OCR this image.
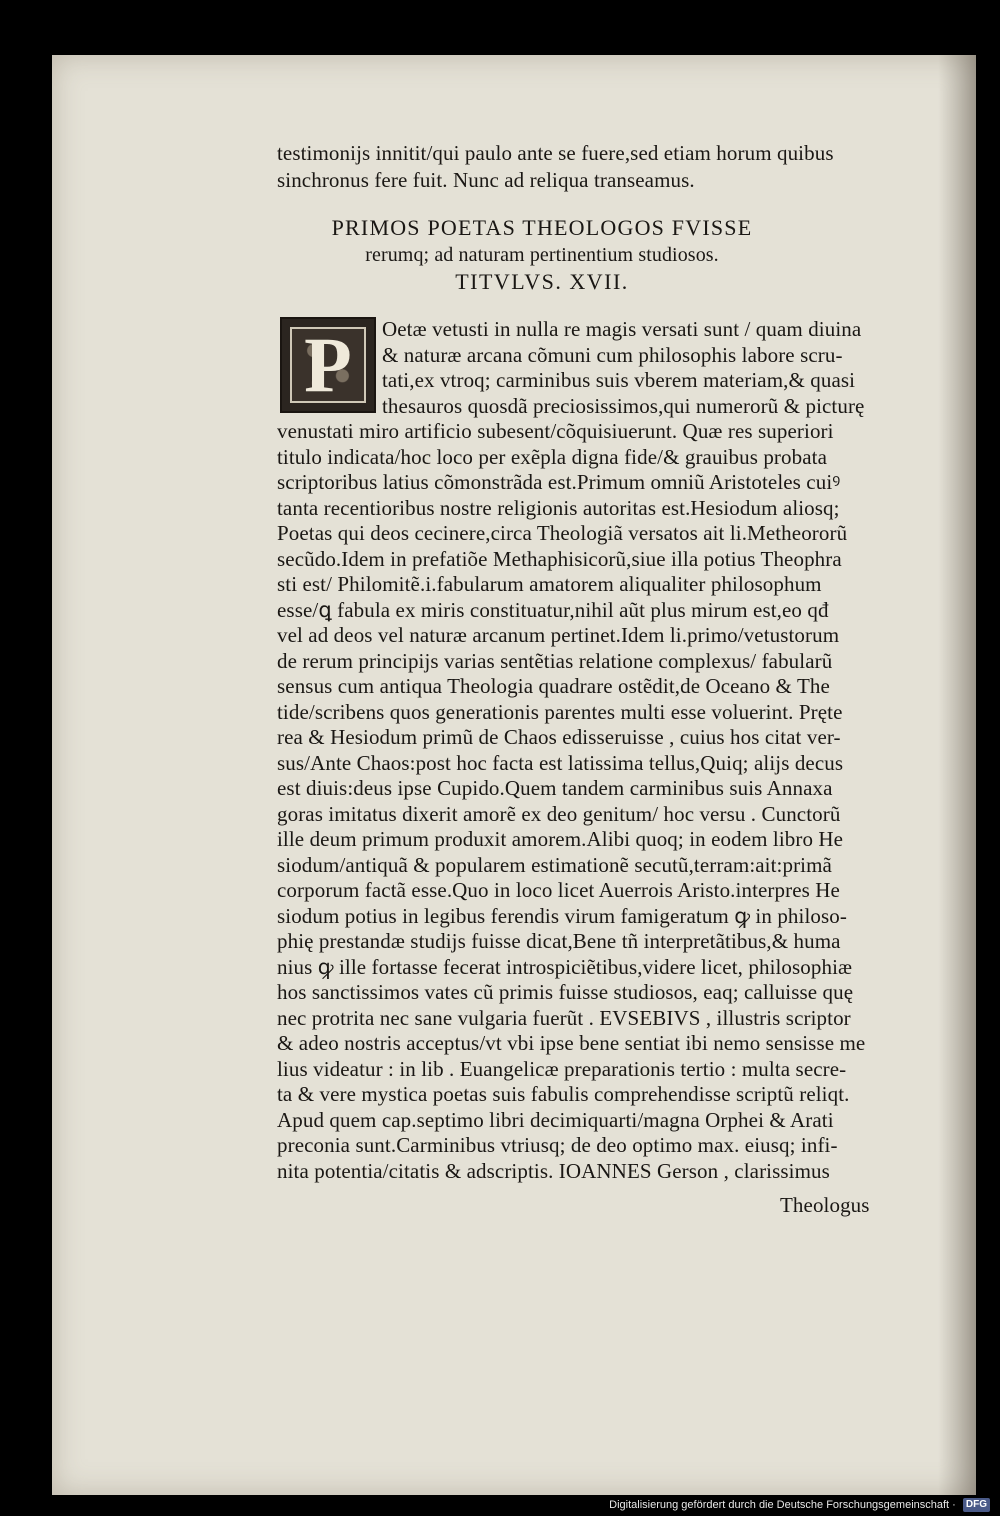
testimonijs innitit/qui paulo ante se fuere,sed etiam horum quibus
sinchronus fere fuit. Nunc ad reliqua transeamus.
PRIMOS POETAS THEOLOGOS FVISSE
rerumq; ad naturam pertinentium studiosos.
TITVLVS. XVII.
P	Oetæ vetusti in nulla re magis versati sunt / quam diuina
& naturæ arcana cõmuni cum philosophis labore scru-
tati,ex vtroq; carminibus suis vberem materiam,& quasi
thesauros quosdã preciosissimos,qui numerorũ & picturę
venustati miro artificio subesent/cõquisiuerunt. Quæ res superiori
titulo indicata/hoc loco per exẽpla digna fide/& grauibus probata
scriptoribus latius cõmonstrãda est.Primum omniũ Aristoteles cuiꝰ
tanta recentioribus nostre religionis autoritas est.Hesiodum aliosq;
Poetas qui deos cecinere,circa Theologiã versatos ait li.Metheororũ
secũdo.Idem in prefatiõe Methaphisicorũ,siue illa potius Theophra
sti est/ Philomitẽ.i.fabularum amatorem aliqualiter philosophum
esse/ꝗ fabula ex miris constituatur,nihil aũt plus mirum est,eo qđ
vel ad deos vel naturæ arcanum pertinet.Idem li.primo/vetustorum
de rerum principijs varias sentẽtias relatione complexus/ fabularũ
sensus cum antiqua Theologia quadrare ostẽdit,de Oceano & The
tide/scribens quos generationis parentes multi esse voluerint. Pręte
rea & Hesiodum primũ de Chaos edisseruisse , cuius hos citat ver-
sus/Ante Chaos:post hoc facta est latissima tellus,Quiq; alijs decus
est diuis:deus ipse Cupido.Quem tandem carminibus suis Annaxa
goras imitatus dixerit amorẽ ex deo genitum/ hoc versu . Cunctorũ
ille deum primum produxit amorem.Alibi quoq; in eodem libro He
siodum/antiquã & popularem estimationẽ secutũ,terram:ait:primã
corporum factã esse.Quo in loco licet Auerrois Aristo.interpres He
siodum potius in legibus ferendis virum famigeratum ꝙ in philoso-
phię prestandæ studijs fuisse dicat,Bene tñ interpretãtibus,& huma
nius ꝙ ille fortasse fecerat introspiciẽtibus,videre licet, philosophiæ
hos sanctissimos vates cũ primis fuisse studiosos, eaq; calluisse quę
nec protrita nec sane vulgaria fuerũt . EVSEBIVS , illustris scriptor
& adeo nostris acceptus/vt vbi ipse bene sentiat ibi nemo sensisse me
lius videatur : in lib . Euangelicæ preparationis tertio : multa secre-
ta & vere mystica poetas suis fabulis comprehendisse scriptũ reliqt.
Apud quem cap.septimo libri decimiquarti/magna Orphei & Arati
preconia sunt.Carminibus vtriusq; de deo optimo max. eiusq; infi-
nita potentia/citatis & adscriptis. IOANNES Gerson , clarissimus
Theologus
Digitalisierung gefördert durch die Deutsche Forschungsgemeinschaft · DFG
